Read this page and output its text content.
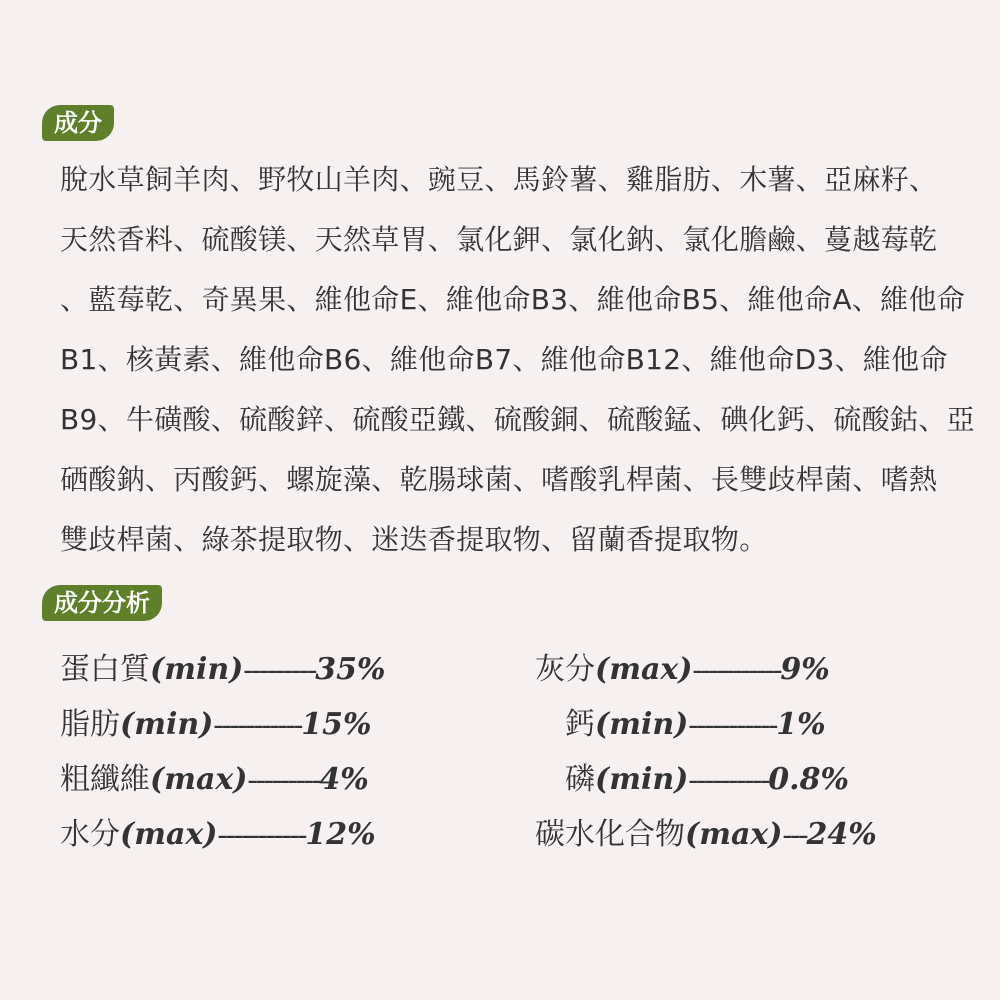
成分
脫水草飼羊肉、野牧山羊肉、豌豆、馬鈴薯、雞脂肪、木薯、亞麻籽、
天然香料、硫酸镁、天然草胃、氯化鉀、氯化鈉、氯化膽鹼、蔓越莓乾
、藍莓乾、奇異果、維他命E、維他命B3、維他命B5、維他命A、維他命
B1、核黃素、維他命B6、維他命B7、維他命B12、維他命D3、維他命
B9、牛磺酸、硫酸鋅、硫酸亞鐵、硫酸銅、硫酸錳、碘化鈣、硫酸鈷、亞
硒酸鈉、丙酸鈣、螺旋藻、乾腸球菌、嗜酸乳桿菌、長雙歧桿菌、嗜熱
雙歧桿菌、綠茶提取物、迷迭香提取物、留蘭香提取物。
成分分析
蛋白質(min)---------35%
脂肪(min)-----------15%
粗纖維(max)---------4%
水分(max)-----------12%
灰分(max)-----------9%
鈣(min)-----------1%
磷(min)----------0.8%
碳水化合物(max)---24%
